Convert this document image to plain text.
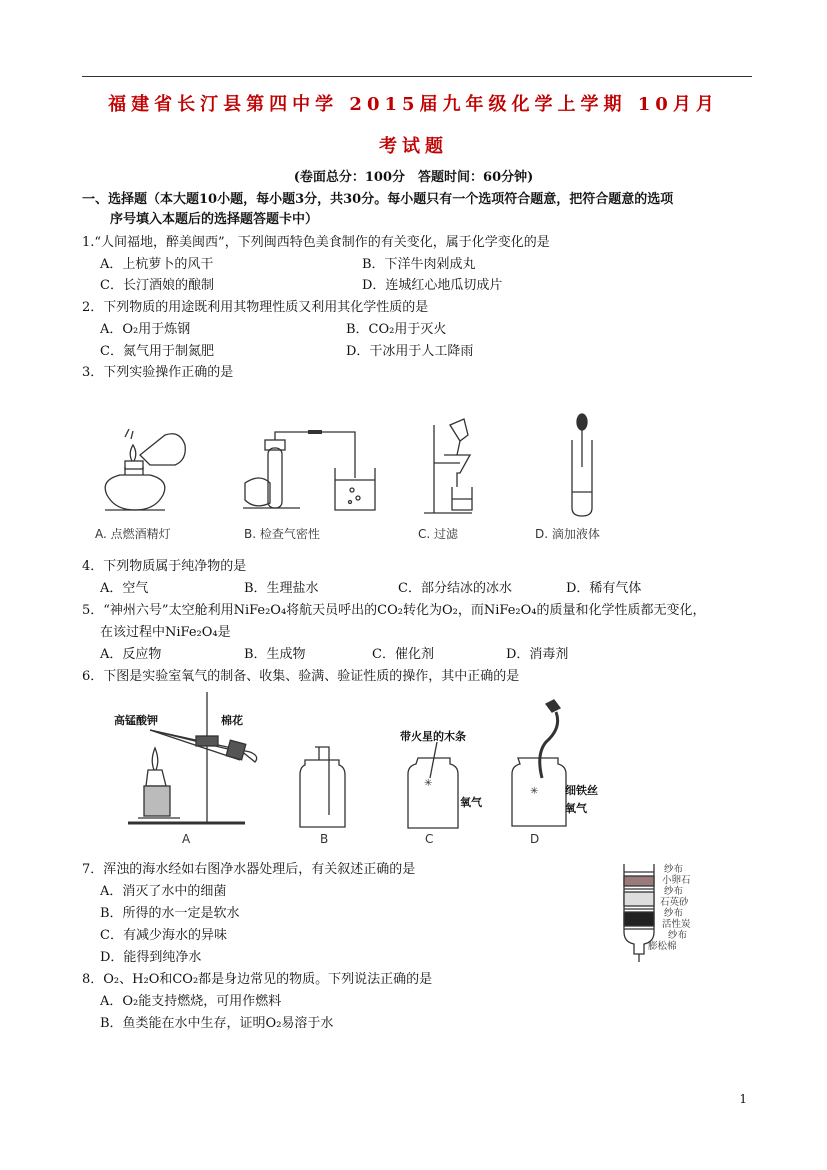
福建省长汀县第四中学 2015届九年级化学上学期 10月月
考试题
(卷面总分：100分　答题时间：60分钟)
一、选择题（本大题10小题，每小题3分，共30分。每小题只有一个选项符合题意，把符合题意的选项
序号填入本题后的选择题答题卡中）
1.“人间福地，醉美闽西”，下列闽西特色美食制作的有关变化，属于化学变化的是
A．上杭萝卜的风干	B．下洋牛肉剁成丸
C．长汀酒娘的酿制	D．连城红心地瓜切成片
2．下列物质的用途既利用其物理性质又利用其化学性质的是
A．O₂用于炼钢	B．CO₂用于灭火
C．氮气用于制氮肥	D．干冰用于人工降雨
3．下列实验操作正确的是
A. 点燃酒精灯	B. 检查气密性	C. 过滤	D. 滴加液体
4．下列物质属于纯净物的是
A．空气	B．生理盐水	C．部分结冰的冰水	D．稀有气体
5．“神州六号”太空舱利用NiFe₂O₄将航天员呼出的CO₂转化为O₂，而NiFe₂O₄的质量和化学性质都无变化，
在该过程中NiFe₂O₄是
A．反应物	B．生成物	C．催化剂	D．消毒剂
6．下图是实验室氧气的制备、收集、验满、验证性质的操作，其中正确的是
高锰酸钾	棉花
A	B
✳
带火星的木条
氧气
C
✳ 细铁丝
氧气
D
7．浑浊的海水经如右图净水器处理后，有关叙述正确的是
A．消灭了水中的细菌
B．所得的水一定是软水
C．有减少海水的异味
D．能得到纯净水
纱布
小卵石
纱布
石英砂
纱布
活性炭
纱布
膨松棉
8．O₂、H₂O和CO₂都是身边常见的物质。下列说法正确的是
A．O₂能支持燃烧，可用作燃料
B．鱼类能在水中生存，证明O₂易溶于水
1
